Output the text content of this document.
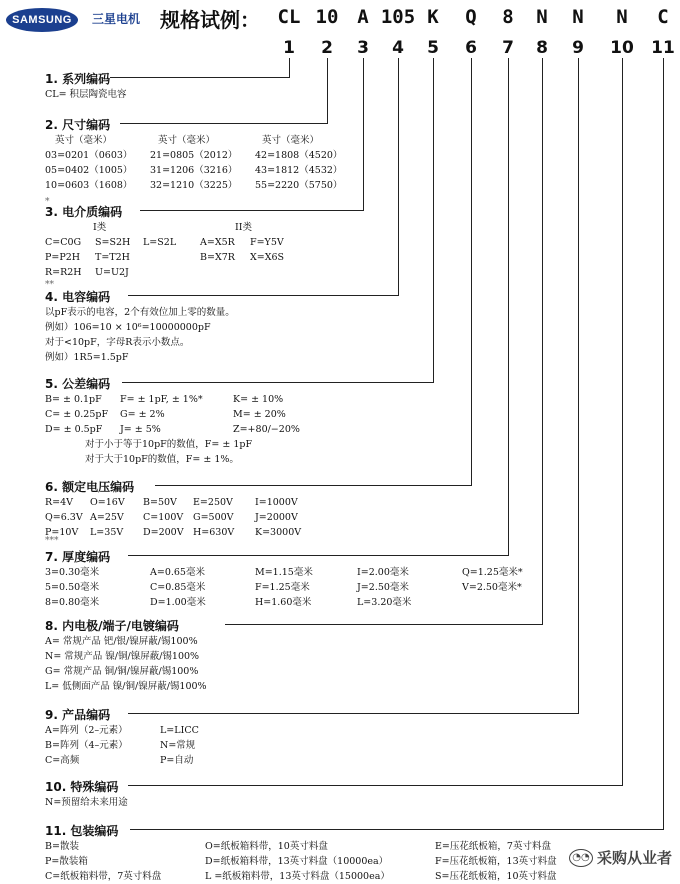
SAMSUNG	三星电机 规格试例： CL 10 A 105 K Q 8 N N N C
1 2 3 4 5 6 7 8 9 10 11
1. 系列编码
CL= 积层陶瓷电容
2. 尺寸编码
英寸（毫米）	英寸（毫米）	英寸（毫米）
03=0201（0603） 21=0805（2012） 42=1808（4520）
05=0402（1005） 31=1206（3216） 43=1812（4532）
10=0603（1608） 32=1210（3225） 55=2220（5750）
3. 电介质编码
I类	II类
C=C0G S=S2H L=S2L	A=X5R F=Y5V
P=P2H T=T2H	B=X7R X=X6S
R=R2H U=U2J
4. 电容编码
以pF表示的电容，2个有效位加上零的数量。
例如）106=10 × 10⁶=10000000pF
对于<10pF，字母R表示小数点。
例如）1R5=1.5pF
5. 公差编码
B= ± 0.1pF F= ± 1pF, ± 1%*	K= ± 10%
C= ± 0.25pF G= ± 2%	M= ± 20%
D= ± 0.5pF J= ± 5%	Z=+80/−20%
对于小于等于10pF的数值，F= ± 1pF
对于大于10pF的数值，F= ± 1%。
6. 额定电压编码
R=4V O=16V B=50V E=250V I=1000V
Q=6.3V A=25V C=100V G=500V J=2000V
P=10V L=35V D=200V H=630V K=3000V
7. 厚度编码
3=0.30毫米	A=0.65毫米	M=1.15毫米	I=2.00毫米	Q=1.25毫米*
5=0.50毫米	C=0.85毫米	F=1.25毫米	J=2.50毫米	V=2.50毫米*
8=0.80毫米	D=1.00毫米	H=1.60毫米	L=3.20毫米
8. 内电极/端子/电镀编码
A= 常规产品 钯/银/镍屏蔽/锡100%
N= 常规产品 镍/铜/镍屏蔽/锡100%
G= 常规产品 铜/铜/镍屏蔽/锡100%
L= 低侧面产品 镍/铜/镍屏蔽/锡100%
9. 产品编码
A=阵列（2–元素）	L=LICC
B=阵列（4–元素）	N=常规
C=高频	P=自动
10. 特殊编码
N=预留给未来用途
11. 包装编码
B=散装	O=纸板箱料带，10英寸料盘	E=压花纸板箱，7英寸料盘
P=散装箱	D=纸板箱料带，13英寸料盘（10000ea）	F=压花纸板箱，13英寸料盘
C=纸板箱料带，7英寸料盘	L =纸板箱料带，13英寸料盘（15000ea）	S=压花纸板箱，10英寸料盘
*
**
***
◔◔ 采购从业者
